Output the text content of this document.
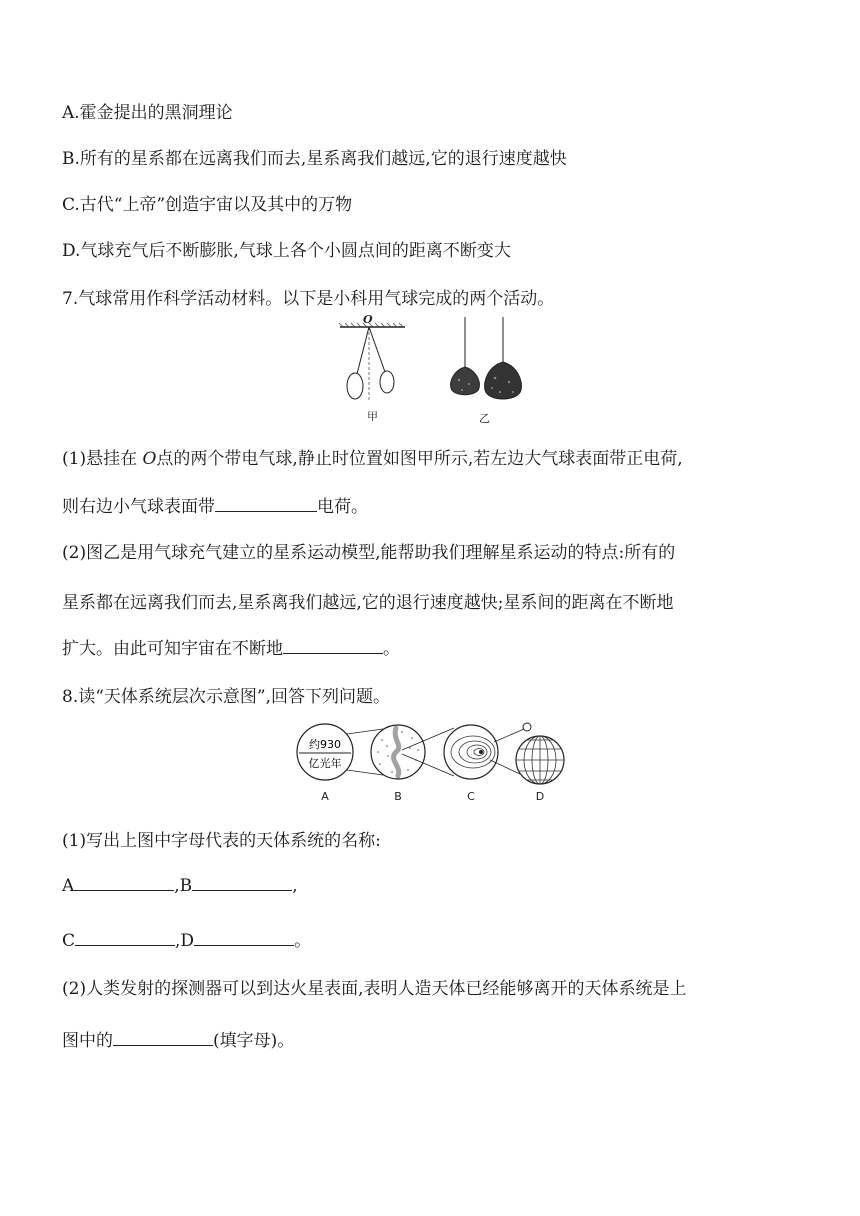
A.霍金提出的黑洞理论
B.所有的星系都在远离我们而去,星系离我们越远,它的退行速度越快
C.古代“上帝”创造宇宙以及其中的万物
D.气球充气后不断膨胀,气球上各个小圆点间的距离不断变大
7.气球常用作科学活动材料。以下是小科用气球完成的两个活动。
O
甲	乙
(1)悬挂在 O点的两个带电气球,静止时位置如图甲所示,若左边大气球表面带正电荷,
则右边小气球表面带	电荷。
(2)图乙是用气球充气建立的星系运动模型,能帮助我们理解星系运动的特点:所有的
星系都在远离我们而去,星系离我们越远,它的退行速度越快;星系间的距离在不断地
扩大。由此可知宇宙在不断地	。
8.读“天体系统层次示意图”,回答下列问题。
约930
亿光年
A	B	C	D
(1)写出上图中字母代表的天体系统的名称:
A	,B	,
C	,D	。
(2)人类发射的探测器可以到达火星表面,表明人造天体已经能够离开的天体系统是上
图中的	(填字母)。
